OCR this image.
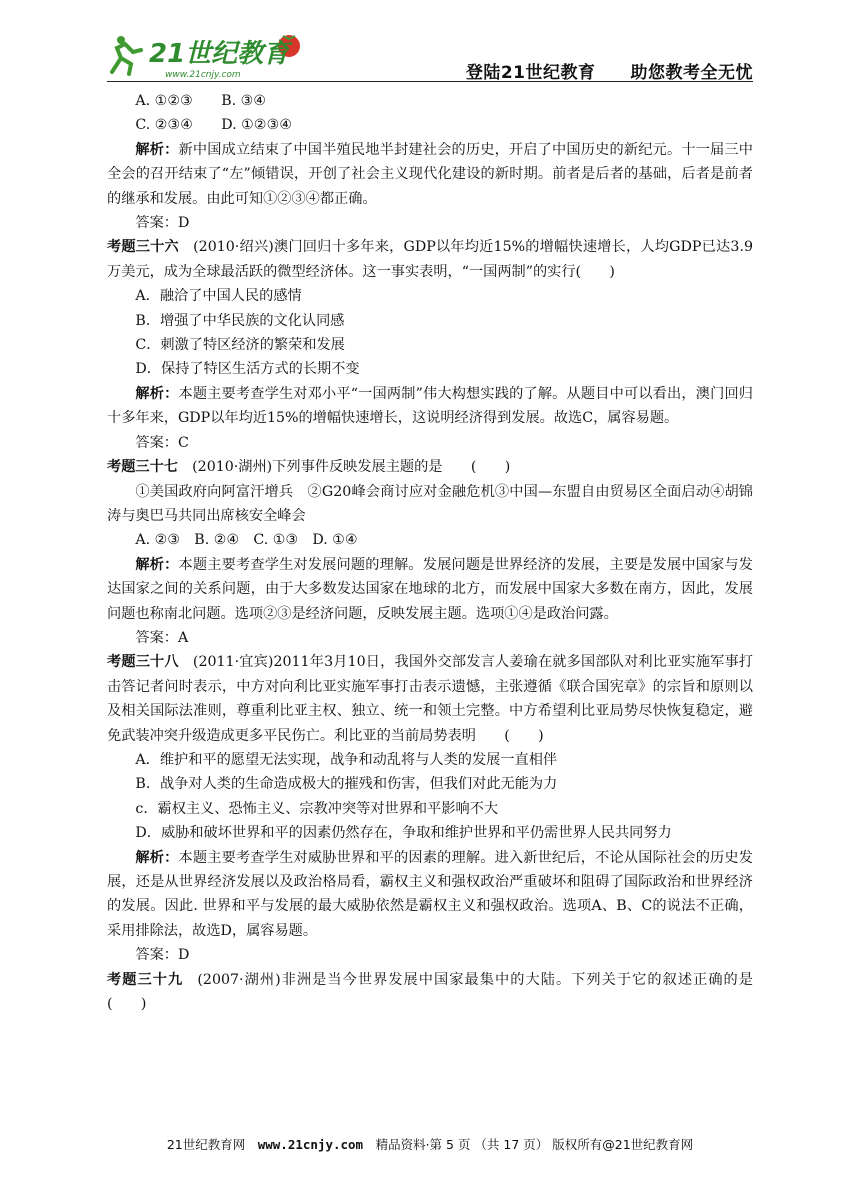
21世纪教育
www.21cnjy.com	登陆21世纪教育　　助您教考全无忧

A. ①②③   B. ③④

C. ②③④   D. ①②③④

解析：新中国成立结束了中国半殖民地半封建社会的历史，开启了中国历史的新纪元。十一届三中全会的召开结束了“左”倾错误，开创了社会主义现代化建设的新时期。前者是后者的基础，后者是前者的继承和发展。由此可知①②③④都正确。

答案：D

考题三十六  (2010·绍兴)澳门回归十多年来，GDP以年均近15%的增幅快速增长，人均GDP已达3.9万美元，成为全球最活跃的微型经济体。这一事实表明，“一国两制”的实行(　　)

A．融洽了中国人民的感情

B．增强了中华民族的文化认同感

C．刺激了特区经济的繁荣和发展

D．保持了特区生活方式的长期不变

解析：本题主要考查学生对邓小平“一国两制”伟大构想实践的了解。从题目中可以看出，澳门回归十多年来，GDP以年均近15%的增幅快速增长，这说明经济得到发展。故选C，属容易题。

答案：C

考题三十七  (2010·湖州)下列事件反映发展主题的是　　(　　)

①美国政府向阿富汗增兵　②G20峰会商讨应对金融危机③中国—东盟自由贸易区全面启动④胡锦涛与奥巴马共同出席核安全峰会

A. ②③  B. ②④  C. ①③  D. ①④

解析：本题主要考查学生对发展问题的理解。发展问题是世界经济的发展，主要是发展中国家与发达国家之间的关系问题，由于大多数发达国家在地球的北方，而发展中国家大多数在南方，因此，发展问题也称南北问题。选项②③是经济问题，反映发展主题。选项①④是政治问露。

答案：A

考题三十八  (2011·宜宾)2011年3月10日，我国外交部发言人姜瑜在就多国部队对利比亚实施军事打击答记者问时表示，中方对向利比亚实施军事打击表示遗憾，主张遵循《联合国宪章》的宗旨和原则以及相关国际法准则，尊重利比亚主权、独立、统一和领土完整。中方希望利比亚局势尽快恢复稳定，避免武装冲突升级造成更多平民伤亡。利比亚的当前局势表明　　(　　)

A．维护和平的愿望无法实现，战争和动乱将与人类的发展一直相伴

B．战争对人类的生命造成极大的摧残和伤害，但我们对此无能为力

c．霸权主义、恐怖主义、宗教冲突等对世界和平影响不大

D．威胁和破坏世界和平的因素仍然存在，争取和维护世界和平仍需世界人民共同努力

解析：本题主要考查学生对威胁世界和平的因素的理解。进入新世纪后，不论从国际社会的历史发展，还是从世界经济发展以及政治格局看，霸权主义和强权政治严重破坏和阻碍了国际政治和世界经济的发展。因此. 世界和平与发展的最大威胁依然是霸权主义和强权政治。选项A、B、C的说法不正确，采用排除法，故选D，属容易题。

答案：D

考题三十九  (2007·湖州)非洲是当今世界发展中国家最集中的大陆。下列关于它的叙述正确的是　　(　　)

21世纪教育网  www.21cnjy.com  精品资料·第 5 页 （共 17 页） 版权所有@21世纪教育网
